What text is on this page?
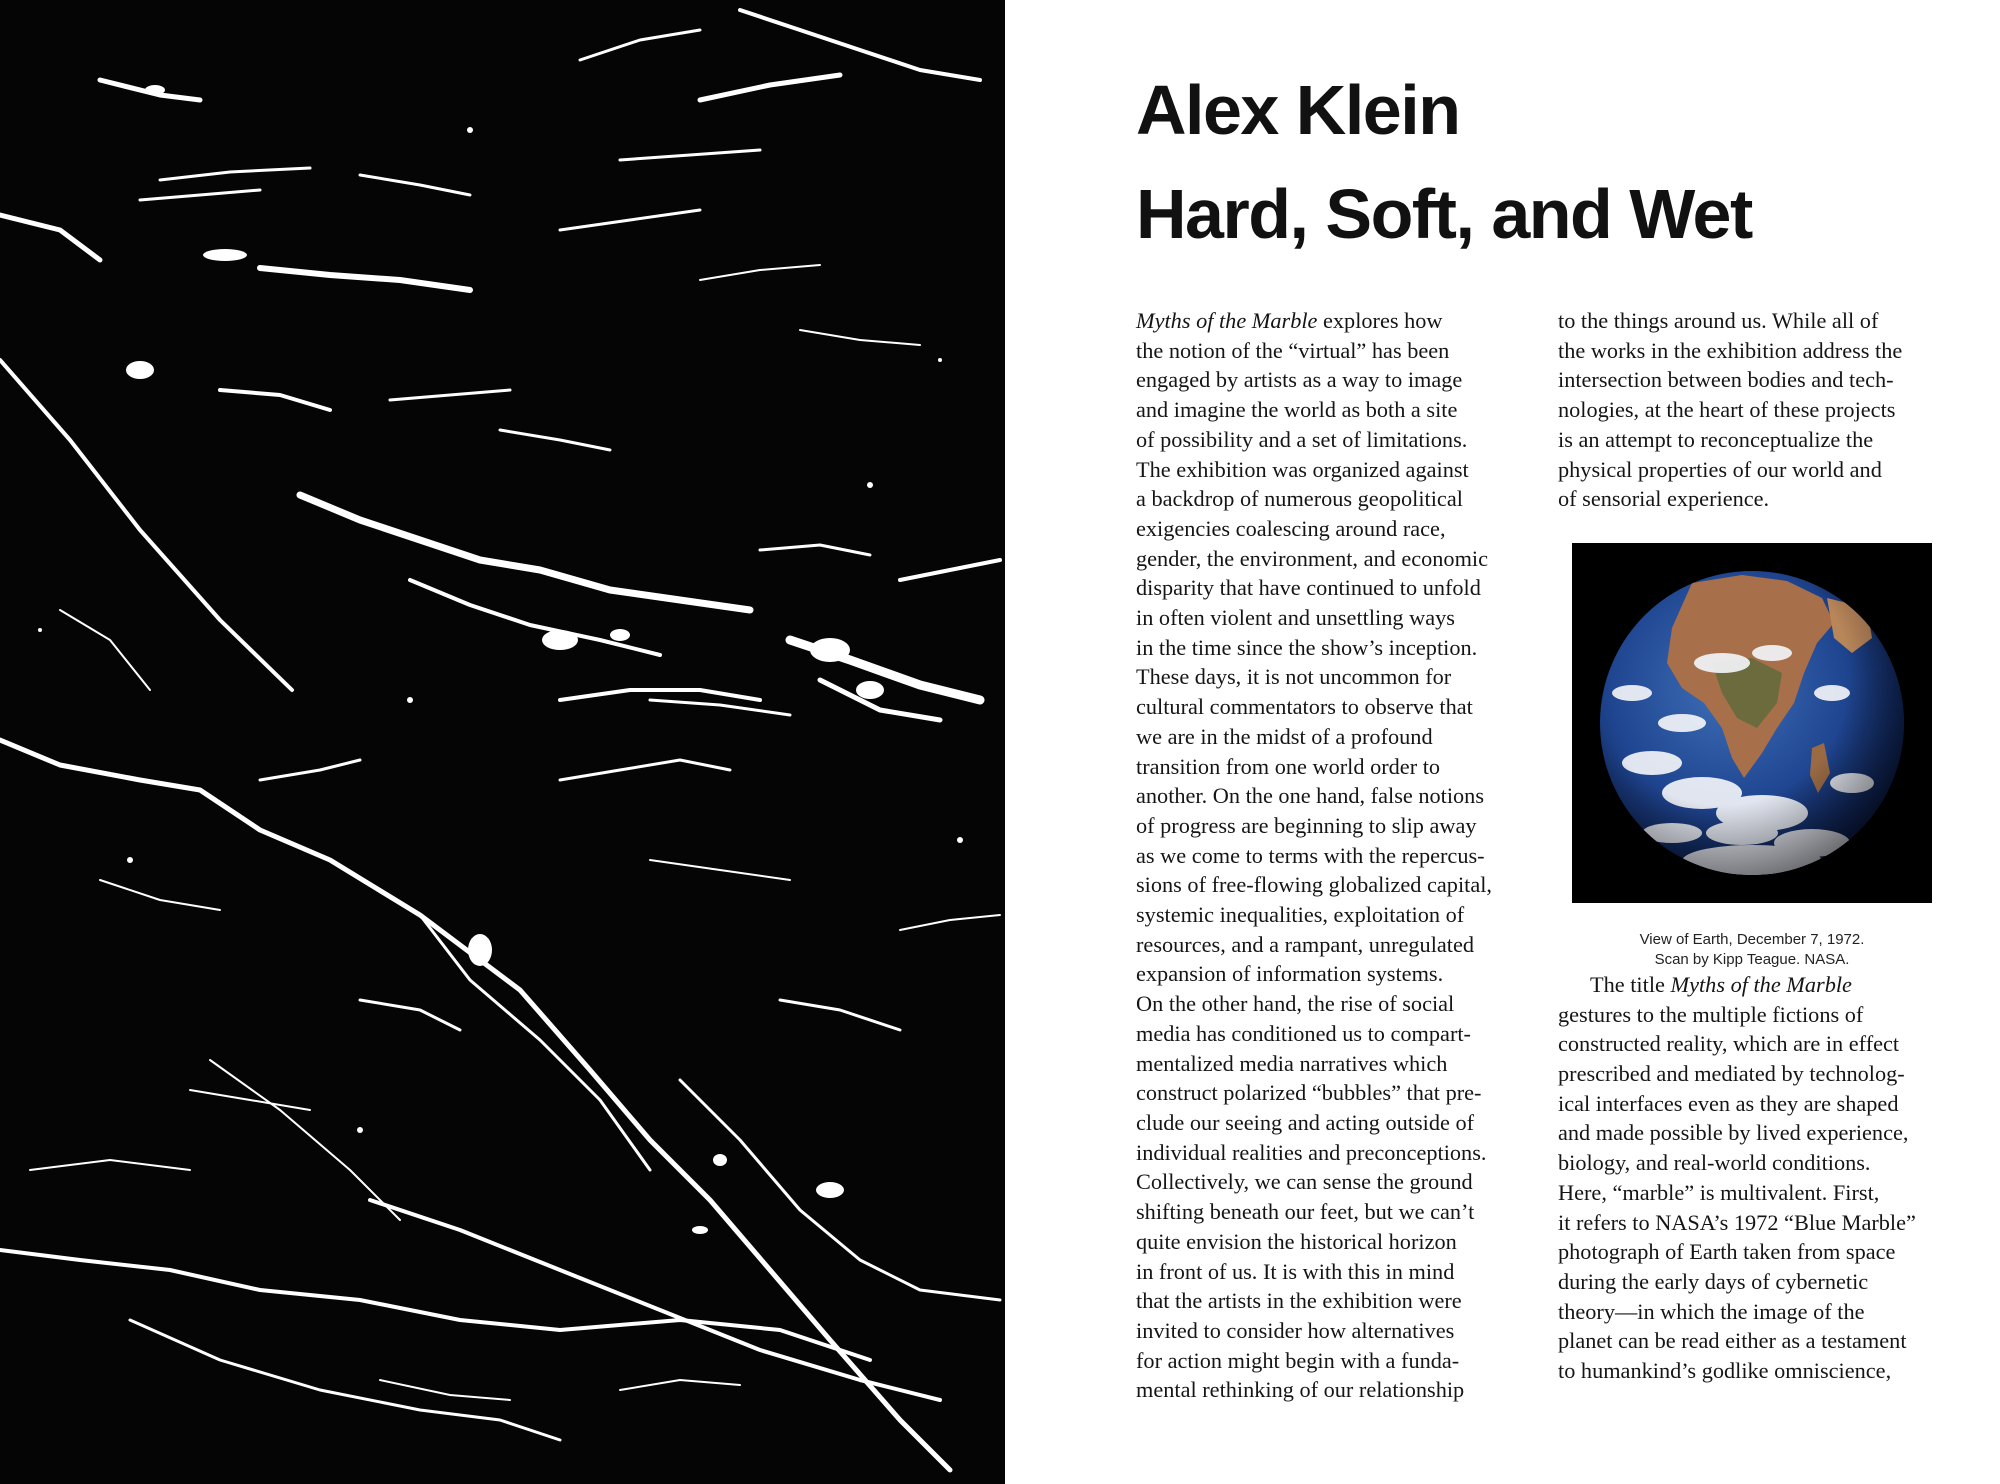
Alex Klein
Hard, Soft, and Wet

Myths of the Marble explores how
the notion of the “virtual” has been
engaged by artists as a way to image
and imagine the world as both a site
of possibility and a set of limitations.
The exhibition was organized against
a backdrop of numerous geopolitical
exigencies coalescing around race,
gender, the environment, and economic
disparity that have continued to unfold
in often violent and unsettling ways
in the time since the show’s inception.
These days, it is not uncommon for
cultural commentators to observe that
we are in the midst of a profound
transition from one world order to
another. On the one hand, false notions
of progress are beginning to slip away
as we come to terms with the repercus-
sions of free-flowing globalized capital,
systemic inequalities, exploitation of
resources, and a rampant, unregulated
expansion of information systems.
On the other hand, the rise of social
media has conditioned us to compart-
mentalized media narratives which
construct polarized “bubbles” that pre-
clude our seeing and acting outside of
individual realities and preconceptions.
Collectively, we can sense the ground
shifting beneath our feet, but we can’t
quite envision the historical horizon
in front of us. It is with this in mind
that the artists in the exhibition were
invited to consider how alternatives
for action might begin with a funda-
mental rethinking of our relationship

to the things around us. While all of
the works in the exhibition address the
intersection between bodies and tech-
nologies, at the heart of these projects
is an attempt to reconceptualize the
physical properties of our world and
of sensorial experience.

View of Earth, December 7, 1972.
Scan by Kipp Teague. NASA.

The title Myths of the Marble
gestures to the multiple fictions of
constructed reality, which are in effect
prescribed and mediated by technolog-
ical interfaces even as they are shaped
and made possible by lived experience,
biology, and real-world conditions.
Here, “marble” is multivalent. First,
it refers to NASA’s 1972 “Blue Marble”
photograph of Earth taken from space
during the early days of cybernetic
theory—in which the image of the
planet can be read either as a testament
to humankind’s godlike omniscience,
